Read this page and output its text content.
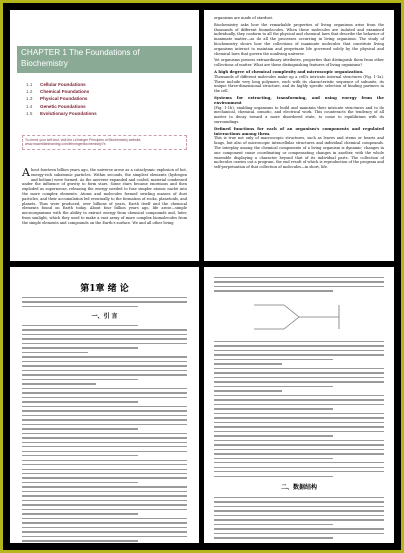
CHAPTER 1 The Foundations of Biochemistry
1.1	Cellular Foundations
1.2	Chemical Foundations
1.3	Physical Foundations
1.4	Genetic Foundations
1.5	Evolutionary Foundations
To check your self-test, visit the Lehninger Principles of Biochemistry website, www.macmillanlearning.com/lehningerbiochemistry7e.
About fourteen billion years ago, the universe arose as a cataclysmic explosion of hot, energy-rich subatomic particles. Within seconds, the simplest elements (hydrogen and helium) were formed. As the universe expanded and cooled, material condensed under the influence of gravity to form stars. Some stars became enormous and then exploded as supernovae, releasing the energy needed to fuse simpler atomic nuclei into the more complex elements. Atoms and molecules formed swirling masses of dust particles, and their accumulation led eventually to the formation of rocks, planetoids, and planets. Thus were produced, over billions of years, Earth itself and the chemical elements found on Earth today. About four billion years ago, life arose—simple microorganisms with the ability to extract energy from chemical compounds and, later, from sunlight, which they used to make a vast array of more complex biomolecules from the simple elements and compounds on the Earth's surface. We and all other living
organisms are made of stardust.
Biochemistry asks how the remarkable properties of living organisms arise from the thousands of different biomolecules. When these molecules are isolated and examined individually, they conform to all the physical and chemical laws that describe the behavior of inanimate matter—as do all the processes occurring in living organisms. The study of biochemistry shows how the collections of inanimate molecules that constitute living organisms interact to maintain and perpetuate life governed solely by the physical and chemical laws that govern the nonliving universe.
Yet organisms possess extraordinary attributes, properties that distinguish them from other collections of matter. What are these distinguishing features of living organisms?
A high degree of chemical complexity and microscopic organization.
Thousands of different molecules make up a cell's intricate internal structures (Fig. 1-1a). These include very long polymers, each with its characteristic sequence of subunits, its unique three-dimensional structure, and its highly specific selection of binding partners in the cell.
Systems for extracting, transforming, and using energy from the environment
(Fig. 1-1b), enabling organisms to build and maintain their intricate structures and to do mechanical, chemical, osmotic, and electrical work. This counteracts the tendency of all matter to decay toward a more disordered state, to come to equilibrium with its surroundings.
Defined functions for each of an organism's components and regulated interactions among them.
This is true not only of macroscopic structures, such as leaves and stems or hearts and lungs, but also of microscopic intracellular structures and individual chemical compounds. The interplay among the chemical components of a living organism is dynamic; changes in one component cause coordinating or compensating changes in another, with the whole ensemble displaying a character beyond that of its individual parts. The collection of molecules carries out a program, the end result of which is reproduction of the program and self-perpetuation of that collection of molecules—in short, life.
第1章 绪 论
一、引 言
二、数据结构
